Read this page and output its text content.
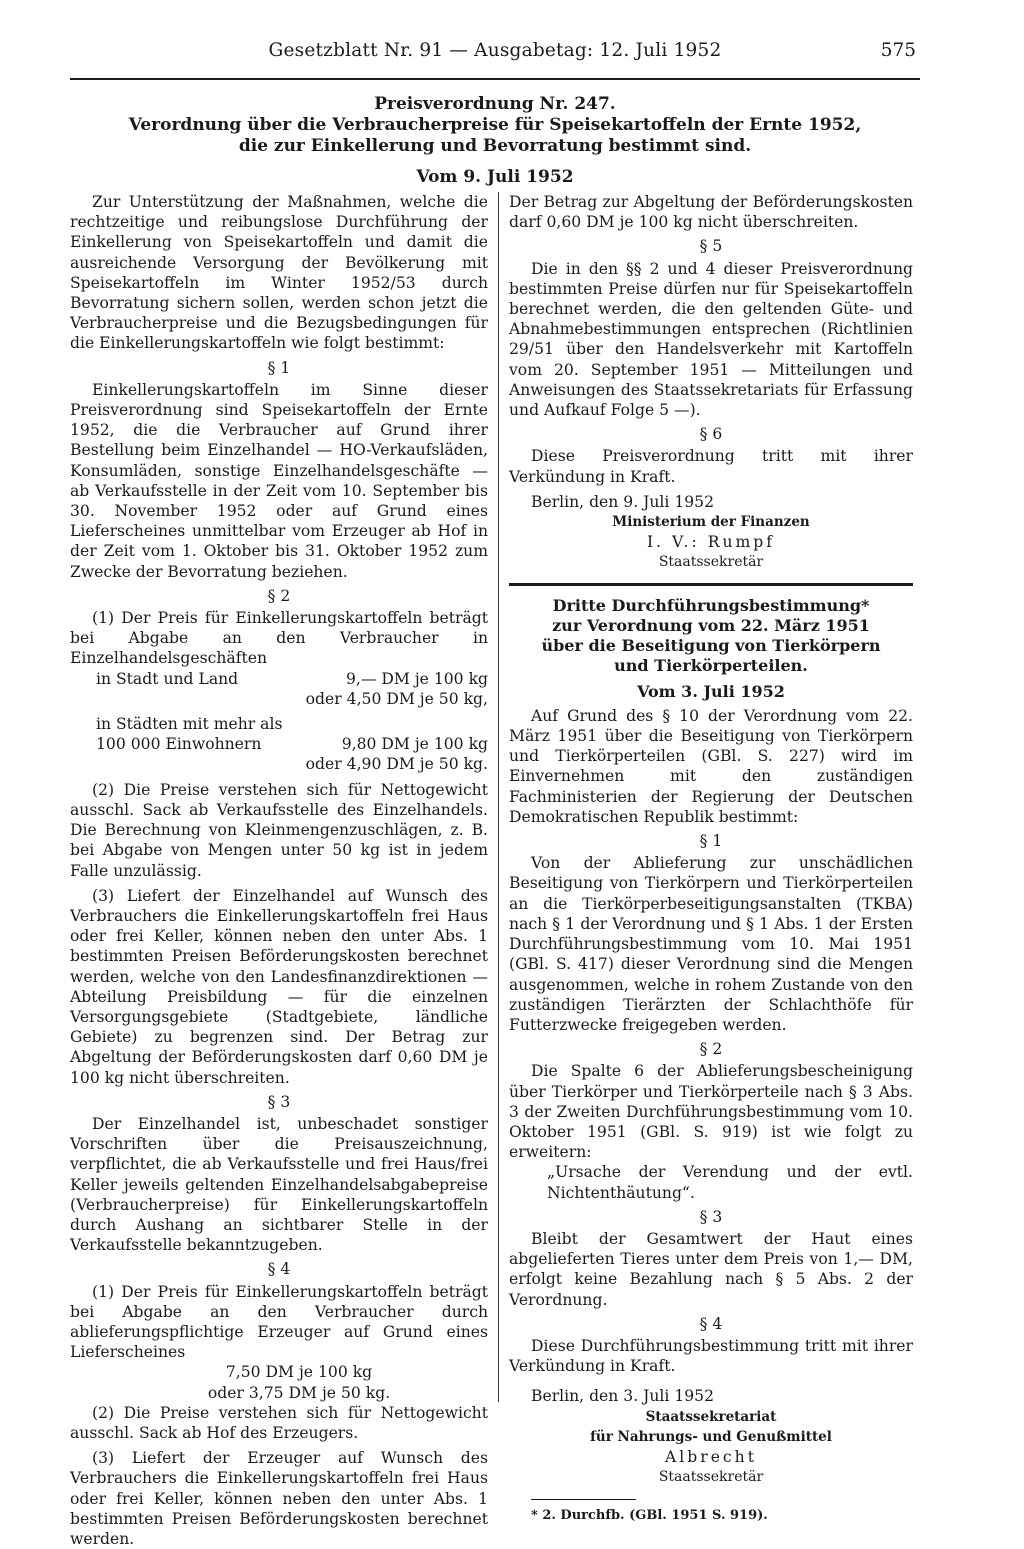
Gesetzblatt Nr. 91 — Ausgabetag: 12. Juli 1952	575
Preisverordnung Nr. 247.
Verordnung über die Verbraucherpreise für Speisekartoffeln der Ernte 1952,
die zur Einkellerung und Bevorratung bestimmt sind.
Vom 9. Juli 1952

Zur Unterstützung der Maßnahmen, welche die rechtzeitige und reibungslose Durchführung der Einkellerung von Speisekartoffeln und damit die ausreichende Versorgung der Bevölkerung mit Speisekartoffeln im Winter 1952/53 durch Bevorratung sichern sollen, werden schon jetzt die Verbraucherpreise und die Bezugsbedingungen für die Einkellerungskartoffeln wie folgt bestimmt:

§ 1

Einkellerungskartoffeln im Sinne dieser Preisverordnung sind Speisekartoffeln der Ernte 1952, die die Verbraucher auf Grund ihrer Bestellung beim Einzelhandel — HO-Verkaufsläden, Konsumläden, sonstige Einzelhandelsgeschäfte — ab Verkaufsstelle in der Zeit vom 10. September bis 30. November 1952 oder auf Grund eines Lieferscheines unmittelbar vom Erzeuger ab Hof in der Zeit vom 1. Oktober bis 31. Oktober 1952 zum Zwecke der Bevorratung beziehen.

§ 2

(1) Der Preis für Einkellerungskartoffeln beträgt bei Abgabe an den Verbraucher in Einzelhandelsgeschäften

in Stadt und Land	9,— DM je 100 kg
oder 4,50 DM je 50 kg,
in Städten mit mehr als
100 000 Einwohnern	9,80 DM je 100 kg
oder 4,90 DM je 50 kg.

(2) Die Preise verstehen sich für Nettogewicht ausschl. Sack ab Verkaufsstelle des Einzelhandels. Die Berechnung von Kleinmengenzuschlägen, z. B. bei Abgabe von Mengen unter 50 kg ist in jedem Falle unzulässig.

(3) Liefert der Einzelhandel auf Wunsch des Verbrauchers die Einkellerungskartoffeln frei Haus oder frei Keller, können neben den unter Abs. 1 bestimmten Preisen Beförderungskosten berechnet werden, welche von den Landesfinanzdirektionen — Abteilung Preisbildung — für die einzelnen Versorgungsgebiete (Stadtgebiete, ländliche Gebiete) zu begrenzen sind. Der Betrag zur Abgeltung der Beförderungskosten darf 0,60 DM je 100 kg nicht überschreiten.

§ 3

Der Einzelhandel ist, unbeschadet sonstiger Vorschriften über die Preisauszeichnung, verpflichtet, die ab Verkaufsstelle und frei Haus/frei Keller jeweils geltenden Einzelhandelsabgabepreise (Verbraucherpreise) für Einkellerungskartoffeln durch Aushang an sichtbarer Stelle in der Verkaufsstelle bekanntzugeben.

§ 4

(1) Der Preis für Einkellerungskartoffeln beträgt bei Abgabe an den Verbraucher durch ablieferungspflichtige Erzeuger auf Grund eines Lieferscheines

7,50 DM je 100 kg
oder 3,75 DM je 50 kg.

(2) Die Preise verstehen sich für Nettogewicht ausschl. Sack ab Hof des Erzeugers.

(3) Liefert der Erzeuger auf Wunsch des Verbrauchers die Einkellerungskartoffeln frei Haus oder frei Keller, können neben den unter Abs. 1 bestimmten Preisen Beförderungskosten berechnet werden.

Der Betrag zur Abgeltung der Beförderungskosten darf 0,60 DM je 100 kg nicht überschreiten.

§ 5

Die in den §§ 2 und 4 dieser Preisverordnung bestimmten Preise dürfen nur für Speisekartoffeln berechnet werden, die den geltenden Güte- und Abnahmebestimmungen entsprechen (Richtlinien 29/51 über den Handelsverkehr mit Kartoffeln vom 20. September 1951 — Mitteilungen und Anweisungen des Staatssekretariats für Erfassung und Aufkauf Folge 5 —).

§ 6

Diese Preisverordnung tritt mit ihrer Verkündung in Kraft.

Berlin, den 9. Juli 1952

Ministerium der Finanzen
I. V.: Rumpf
Staatssekretär
Dritte Durchführungsbestimmung*
zur Verordnung vom 22. März 1951
über die Beseitigung von Tierkörpern
und Tierkörperteilen.
Vom 3. Juli 1952

Auf Grund des § 10 der Verordnung vom 22. März 1951 über die Beseitigung von Tierkörpern und Tierkörperteilen (GBl. S. 227) wird im Einvernehmen mit den zuständigen Fachministerien der Regierung der Deutschen Demokratischen Republik bestimmt:

§ 1

Von der Ablieferung zur unschädlichen Beseitigung von Tierkörpern und Tierkörperteilen an die Tierkörperbeseitigungsanstalten (TKBA) nach § 1 der Verordnung und § 1 Abs. 1 der Ersten Durchführungsbestimmung vom 10. Mai 1951 (GBl. S. 417) dieser Verordnung sind die Mengen ausgenommen, welche in rohem Zustande von den zuständigen Tierärzten der Schlachthöfe für Futterzwecke freigegeben werden.

§ 2

Die Spalte 6 der Ablieferungsbescheinigung über Tierkörper und Tierkörperteile nach § 3 Abs. 3 der Zweiten Durchführungsbestimmung vom 10. Oktober 1951 (GBl. S. 919) ist wie folgt zu erweitern:

„Ursache der Verendung und der evtl. Nichtenthäutung“.

§ 3

Bleibt der Gesamtwert der Haut eines abgelieferten Tieres unter dem Preis von 1,— DM, erfolgt keine Bezahlung nach § 5 Abs. 2 der Verordnung.

§ 4

Diese Durchführungsbestimmung tritt mit ihrer Verkündung in Kraft.

Berlin, den 3. Juli 1952

Staatssekretariat
für Nahrungs- und Genußmittel
Albrecht
Staatssekretär
* 2. Durchfb. (GBl. 1951 S. 919).
